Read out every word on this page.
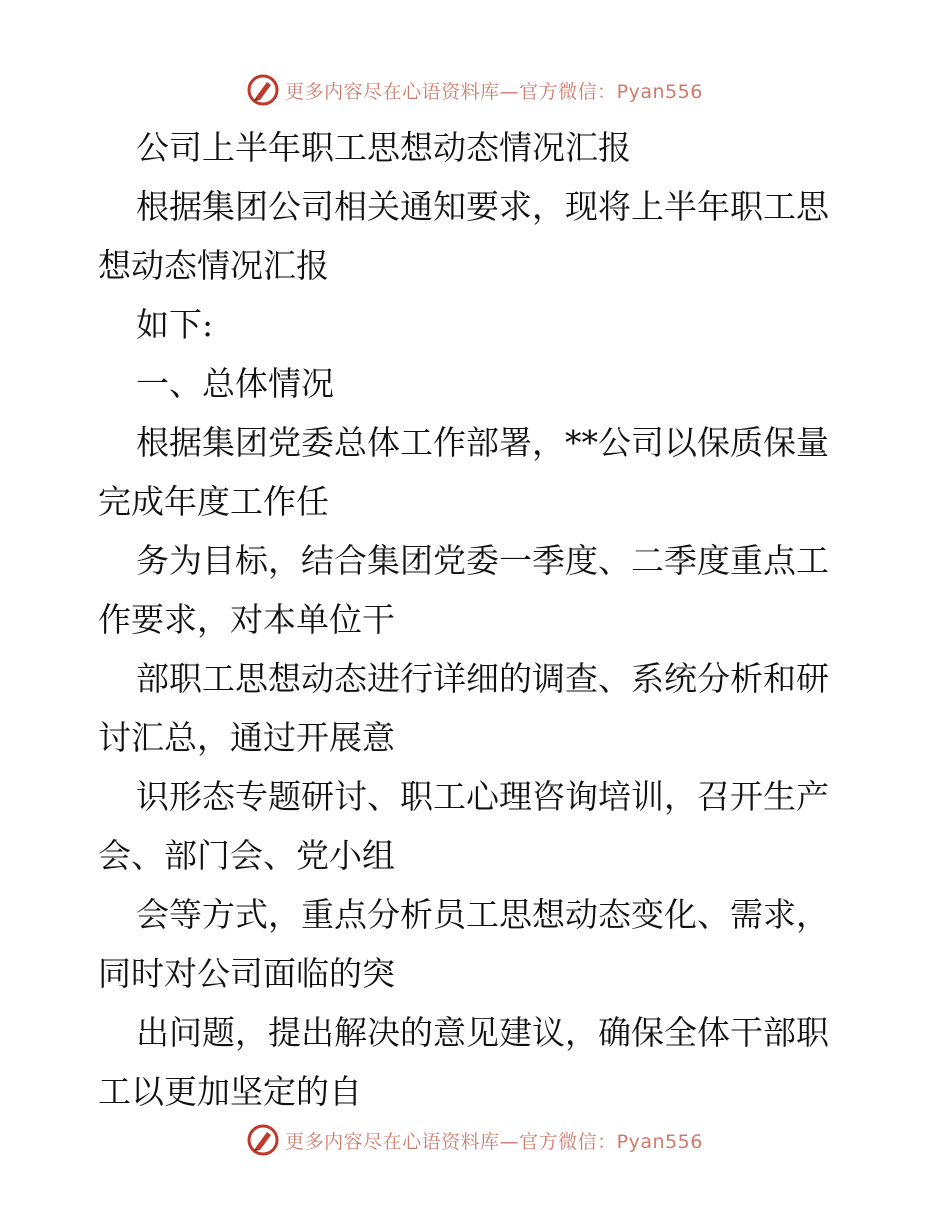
更多内容尽在心语资料库—官方微信：Pyan556
公司上半年职工思想动态情况汇报
根据集团公司相关通知要求，现将上半年职工思
想动态情况汇报
如下:
一、总体情况
根据集团党委总体工作部署，**公司以保质保量
完成年度工作任
务为目标，结合集团党委一季度、二季度重点工
作要求，对本单位干
部职工思想动态进行详细的调查、系统分析和研
讨汇总，通过开展意
识形态专题研讨、职工心理咨询培训，召开生产
会、部门会、党小组
会等方式，重点分析员工思想动态变化、需求，
同时对公司面临的突
出问题，提出解决的意见建议，确保全体干部职
工以更加坚定的自
更多内容尽在心语资料库—官方微信：Pyan556
